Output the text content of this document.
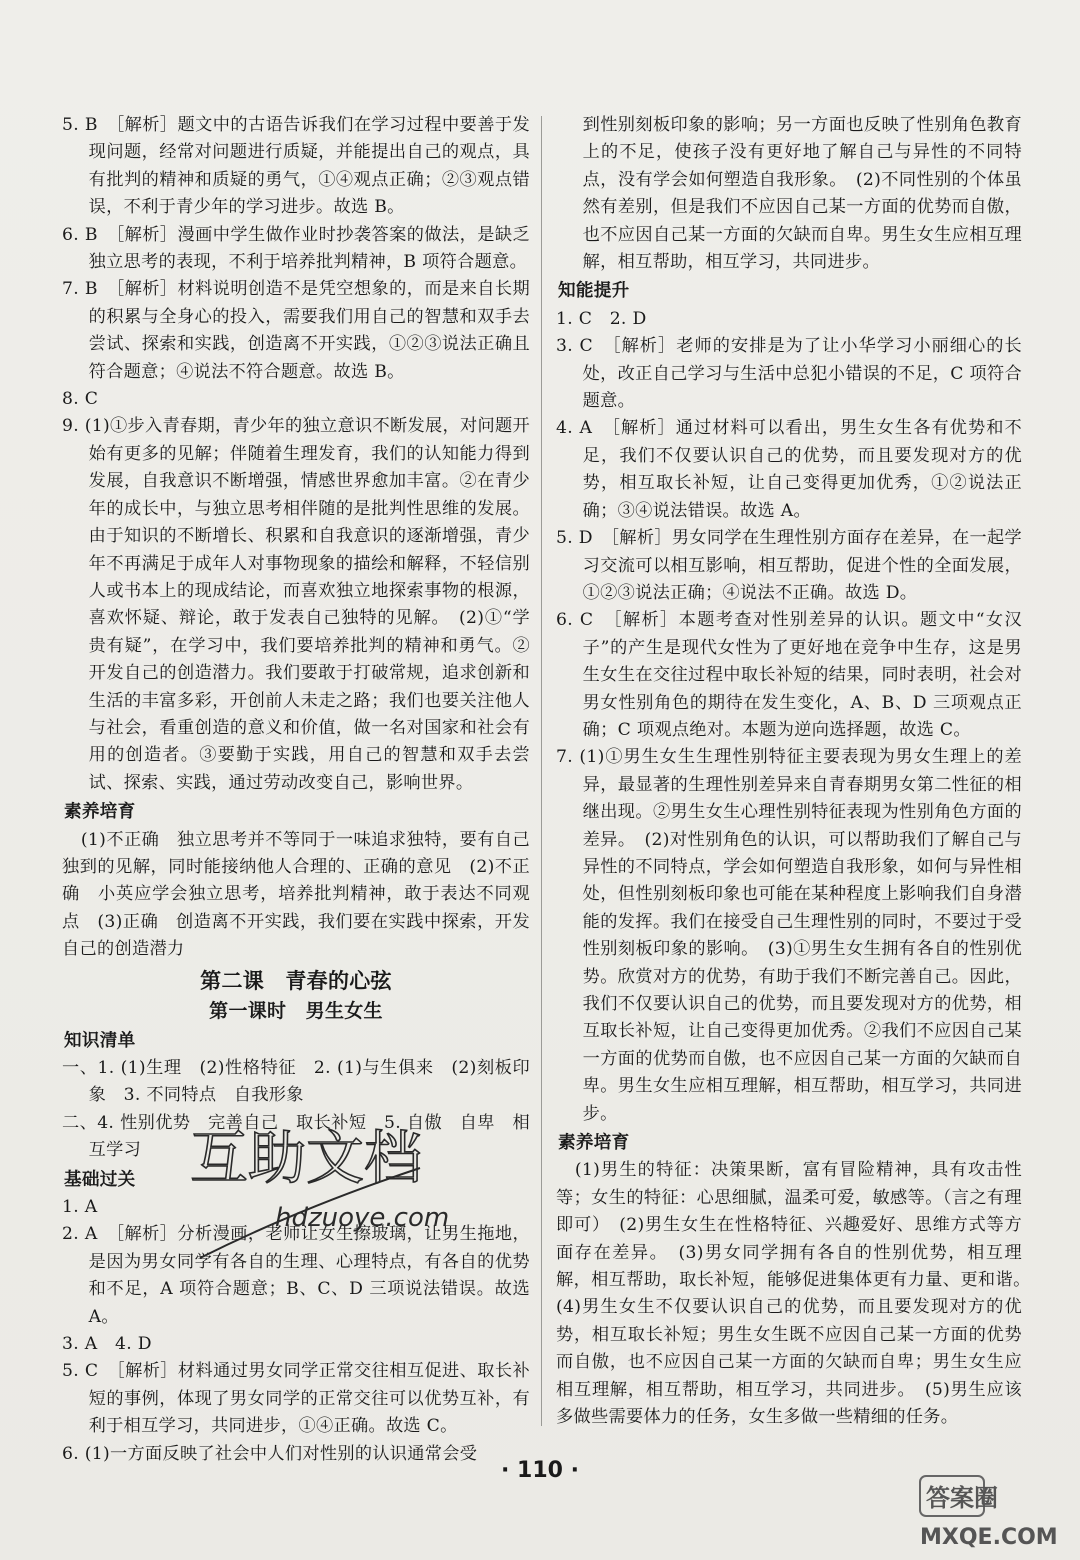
5. B　［解析］题文中的古语告诉我们在学习过程中要善于发现问题，经常对问题进行质疑，并能提出自己的观点，具有批判的精神和质疑的勇气，①④观点正确；②③观点错误，不利于青少年的学习进步。故选 B。

6. B　［解析］漫画中学生做作业时抄袭答案的做法，是缺乏独立思考的表现，不利于培养批判精神，B 项符合题意。

7. B　［解析］材料说明创造不是凭空想象的，而是来自长期的积累与全身心的投入，需要我们用自己的智慧和双手去尝试、探索和实践，创造离不开实践，①②③说法正确且符合题意；④说法不符合题意。故选 B。

8. C

9. (1)①步入青春期，青少年的独立意识不断发展，对问题开始有更多的见解；伴随着生理发育，我们的认知能力得到发展，自我意识不断增强，情感世界愈加丰富。②在青少年的成长中，与独立思考相伴随的是批判性思维的发展。由于知识的不断增长、积累和自我意识的逐渐增强，青少年不再满足于成年人对事物现象的描绘和解释，不轻信别人或书本上的现成结论，而喜欢独立地探索事物的根源，喜欢怀疑、辩论，敢于发表自己独特的见解。　(2)①“学贵有疑”，在学习中，我们要培养批判的精神和勇气。②开发自己的创造潜力。我们要敢于打破常规，追求创新和生活的丰富多彩，开创前人未走之路；我们也要关注他人与社会，看重创造的意义和价值，做一名对国家和社会有用的创造者。③要勤于实践，用自己的智慧和双手去尝试、探索、实践，通过劳动改变自己，影响世界。

素养培育

(1)不正确　独立思考并不等同于一味追求独特，要有自己独到的见解，同时能接纳他人合理的、正确的意见　(2)不正确　小英应学会独立思考，培养批判精神，敢于表达不同观点　(3)正确　创造离不开实践，我们要在实践中探索，开发自己的创造潜力

第二课　青春的心弦
第一课时　男生女生
知识清单

一、1. (1)生理　(2)性格特征　2. (1)与生俱来　(2)刻板印象　3. 不同特点　自我形象

二、4. 性别优势　完善自己　取长补短　5. 自傲　自卑　相互学习

基础过关

1. A

2. A　［解析］分析漫画，老师让女生擦玻璃，让男生拖地，是因为男女同学有各自的生理、心理特点，有各自的优势和不足，A 项符合题意；B、C、D 三项说法错误。故选 A。

3. A　4. D

5. C　［解析］材料通过男女同学正常交往相互促进、取长补短的事例，体现了男女同学的正常交往可以优势互补，有利于相互学习，共同进步，①④正确。故选 C。

6. (1)一方面反映了社会中人们对性别的认识通常会受

到性别刻板印象的影响；另一方面也反映了性别角色教育上的不足，使孩子没有更好地了解自己与异性的不同特点，没有学会如何塑造自我形象。　(2)不同性别的个体虽然有差别，但是我们不应因自己某一方面的优势而自傲，也不应因自己某一方面的欠缺而自卑。男生女生应相互理解，相互帮助，相互学习，共同进步。

知能提升

1. C　2. D

3. C　［解析］老师的安排是为了让小华学习小丽细心的长处，改正自己学习与生活中总犯小错误的不足，C 项符合题意。

4. A　［解析］通过材料可以看出，男生女生各有优势和不足，我们不仅要认识自己的优势，而且要发现对方的优势，相互取长补短，让自己变得更加优秀，①②说法正确；③④说法错误。故选 A。

5. D　［解析］男女同学在生理性别方面存在差异，在一起学习交流可以相互影响，相互帮助，促进个性的全面发展，①②③说法正确；④说法不正确。故选 D。

6. C　［解析］本题考查对性别差异的认识。题文中“女汉子”的产生是现代女性为了更好地在竞争中生存，这是男生女生在交往过程中取长补短的结果，同时表明，社会对男女性别角色的期待在发生变化，A、B、D 三项观点正确；C 项观点绝对。本题为逆向选择题，故选 C。

7. (1)①男生女生生理性别特征主要表现为男女生理上的差异，最显著的生理性别差异来自青春期男女第二性征的相继出现。②男生女生心理性别特征表现为性别角色方面的差异。　(2)对性别角色的认识，可以帮助我们了解自己与异性的不同特点，学会如何塑造自我形象，如何与异性相处，但性别刻板印象也可能在某种程度上影响我们自身潜能的发挥。我们在接受自己生理性别的同时，不要过于受性别刻板印象的影响。　(3)①男生女生拥有各自的性别优势。欣赏对方的优势，有助于我们不断完善自己。因此，我们不仅要认识自己的优势，而且要发现对方的优势，相互取长补短，让自己变得更加优秀。②我们不应因自己某一方面的优势而自傲，也不应因自己某一方面的欠缺而自卑。男生女生应相互理解，相互帮助，相互学习，共同进步。

素养培育

(1)男生的特征：决策果断，富有冒险精神，具有攻击性等；女生的特征：心思细腻，温柔可爱，敏感等。（言之有理即可）　(2)男生女生在性格特征、兴趣爱好、思维方式等方面存在差异。　(3)男女同学拥有各自的性别优势，相互理解，相互帮助，取长补短，能够促进集体更有力量、更和谐。　(4)男生女生不仅要认识自己的优势，而且要发现对方的优势，相互取长补短；男生女生既不应因自己某一方面的优势而自傲，也不应因自己某一方面的欠缺而自卑；男生女生应相互理解，相互帮助，相互学习，共同进步。　(5)男生应该多做些需要体力的任务，女生多做一些精细的任务。

· 110 ·
互助文档
hdzuoye.com
答案圈
MXQE.COM
